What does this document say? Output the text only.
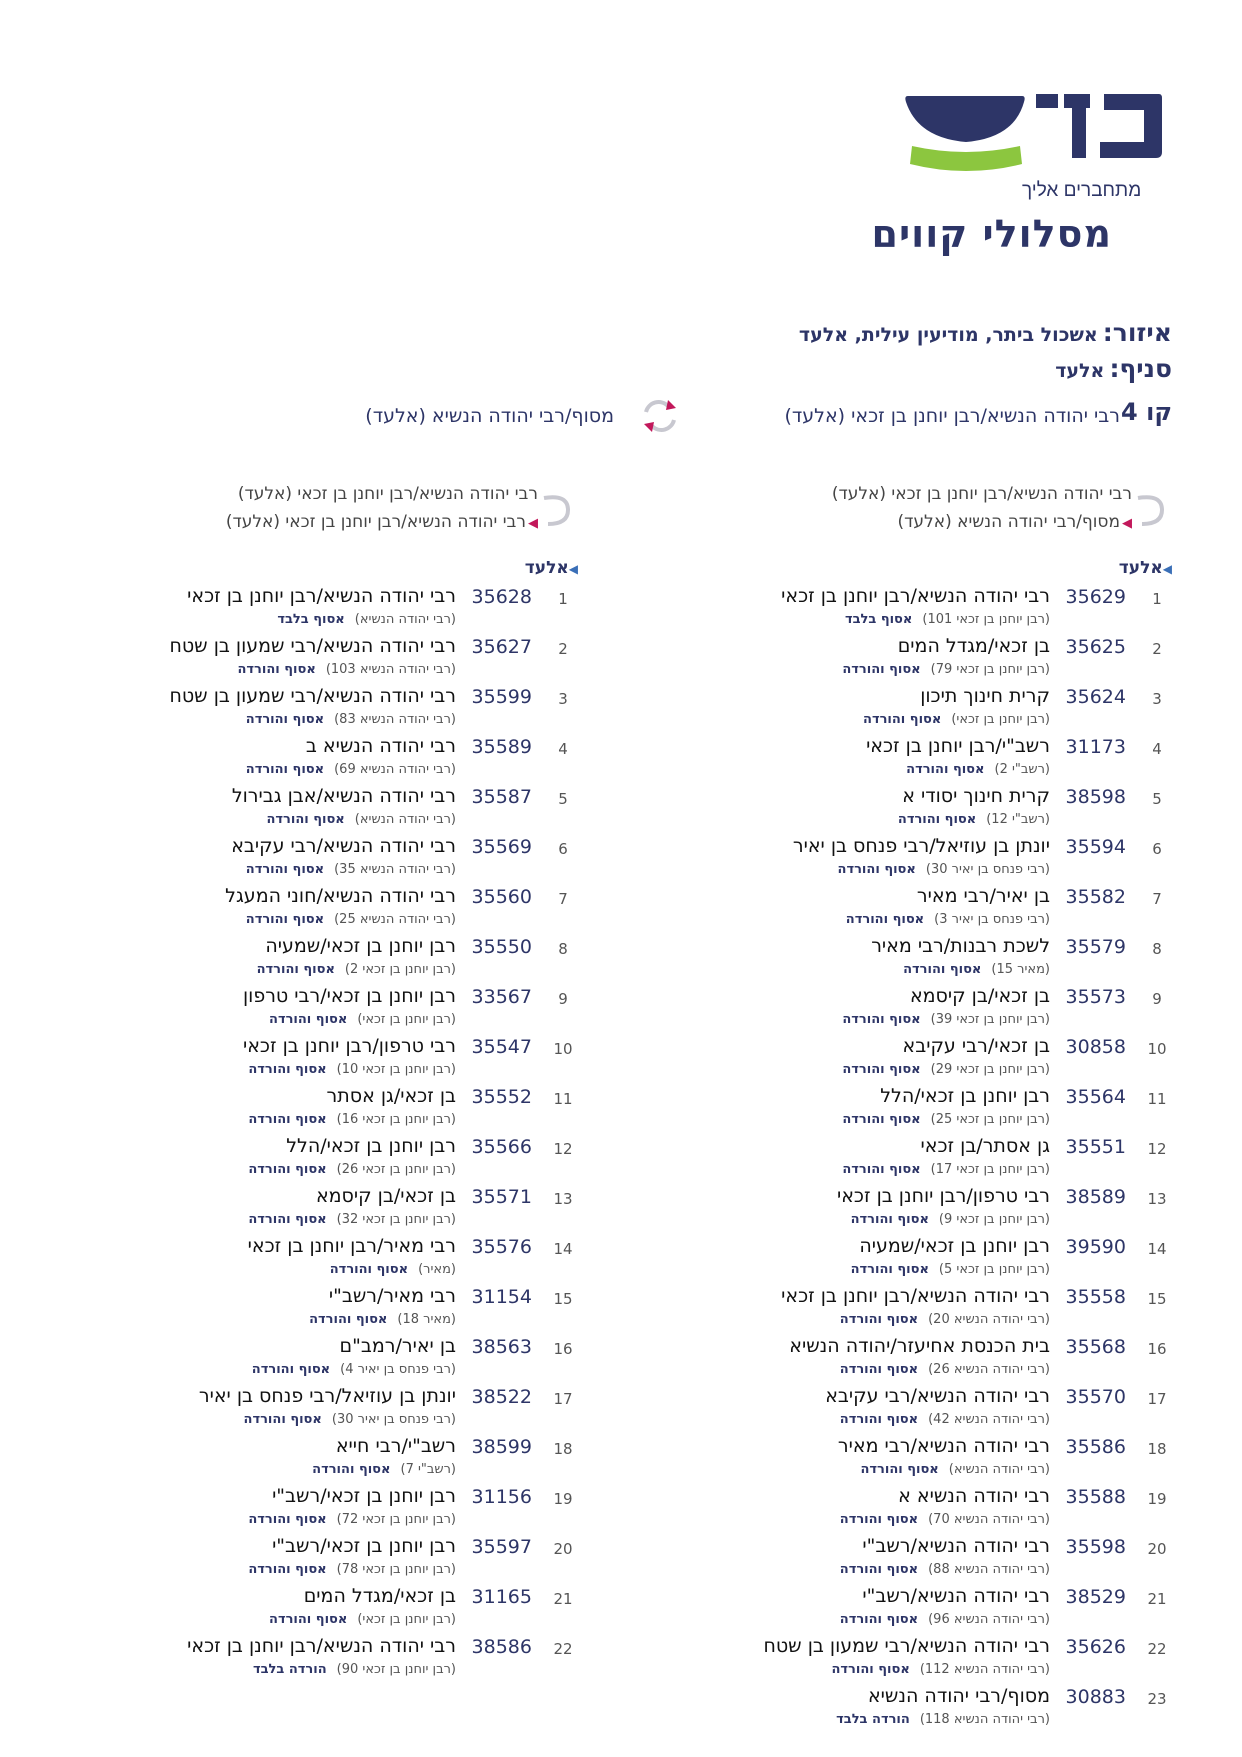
מתחברים אליך
מסלולי קווים
איזור: אשכול ביתר, מודיעין עילית, אלעד
סניף: אלעד
קו 4
רבי יהודה הנשיא/רבן יוחנן בן זכאי (אלעד)
מסוף/רבי יהודה הנשיא (אלעד)
רבי יהודה הנשיא/רבן יוחנן בן זכאי (אלעד)
◀מסוף/רבי יהודה הנשיא (אלעד)
◀אלעד
1
35629
רבי יהודה הנשיא/רבן יוחנן בן זכאי
(רבן יוחנן בן זכאי 101)אסוף בלבד
2
35625
בן זכאי/מגדל המים
(רבן יוחנן בן זכאי 79)אסוף והורדה
3
35624
קרית חינוך תיכון
(רבן יוחנן בן זכאי)אסוף והורדה
4
31173
רשב"י/רבן יוחנן בן זכאי
(רשב"י 2)אסוף והורדה
5
38598
קרית חינוך יסודי א
(רשב"י 12)אסוף והורדה
6
35594
יונתן בן עוזיאל/רבי פנחס בן יאיר
(רבי פנחס בן יאיר 30)אסוף והורדה
7
35582
בן יאיר/רבי מאיר
(רבי פנחס בן יאיר 3)אסוף והורדה
8
35579
לשכת רבנות/רבי מאיר
(מאיר 15)אסוף והורדה
9
35573
בן זכאי/בן קיסמא
(רבן יוחנן בן זכאי 39)אסוף והורדה
10
30858
בן זכאי/רבי עקיבא
(רבן יוחנן בן זכאי 29)אסוף והורדה
11
35564
רבן יוחנן בן זכאי/הלל
(רבן יוחנן בן זכאי 25)אסוף והורדה
12
35551
גן אסתר/בן זכאי
(רבן יוחנן בן זכאי 17)אסוף והורדה
13
38589
רבי טרפון/רבן יוחנן בן זכאי
(רבן יוחנן בן זכאי 9)אסוף והורדה
14
39590
רבן יוחנן בן זכאי/שמעיה
(רבן יוחנן בן זכאי 5)אסוף והורדה
15
35558
רבי יהודה הנשיא/רבן יוחנן בן זכאי
(רבי יהודה הנשיא 20)אסוף והורדה
16
35568
בית הכנסת אחיעזר/יהודה הנשיא
(רבי יהודה הנשיא 26)אסוף והורדה
17
35570
רבי יהודה הנשיא/רבי עקיבא
(רבי יהודה הנשיא 42)אסוף והורדה
18
35586
רבי יהודה הנשיא/רבי מאיר
(רבי יהודה הנשיא)אסוף והורדה
19
35588
רבי יהודה הנשיא א
(רבי יהודה הנשיא 70)אסוף והורדה
20
35598
רבי יהודה הנשיא/רשב"י
(רבי יהודה הנשיא 88)אסוף והורדה
21
38529
רבי יהודה הנשיא/רשב"י
(רבי יהודה הנשיא 96)אסוף והורדה
22
35626
רבי יהודה הנשיא/רבי שמעון בן שטח
(רבי יהודה הנשיא 112)אסוף והורדה
23
30883
מסוף/רבי יהודה הנשיא
(רבי יהודה הנשיא 118)הורדה בלבד
רבי יהודה הנשיא/רבן יוחנן בן זכאי (אלעד)
◀רבי יהודה הנשיא/רבן יוחנן בן זכאי (אלעד)
◀אלעד
1
35628
רבי יהודה הנשיא/רבן יוחנן בן זכאי
(רבי יהודה הנשיא)אסוף בלבד
2
35627
רבי יהודה הנשיא/רבי שמעון בן שטח
(רבי יהודה הנשיא 103)אסוף והורדה
3
35599
רבי יהודה הנשיא/רבי שמעון בן שטח
(רבי יהודה הנשיא 83)אסוף והורדה
4
35589
רבי יהודה הנשיא ב
(רבי יהודה הנשיא 69)אסוף והורדה
5
35587
רבי יהודה הנשיא/אבן גבירול
(רבי יהודה הנשיא)אסוף והורדה
6
35569
רבי יהודה הנשיא/רבי עקיבא
(רבי יהודה הנשיא 35)אסוף והורדה
7
35560
רבי יהודה הנשיא/חוני המעגל
(רבי יהודה הנשיא 25)אסוף והורדה
8
35550
רבן יוחנן בן זכאי/שמעיה
(רבן יוחנן בן זכאי 2)אסוף והורדה
9
33567
רבן יוחנן בן זכאי/רבי טרפון
(רבן יוחנן בן זכאי)אסוף והורדה
10
35547
רבי טרפון/רבן יוחנן בן זכאי
(רבן יוחנן בן זכאי 10)אסוף והורדה
11
35552
בן זכאי/גן אסתר
(רבן יוחנן בן זכאי 16)אסוף והורדה
12
35566
רבן יוחנן בן זכאי/הלל
(רבן יוחנן בן זכאי 26)אסוף והורדה
13
35571
בן זכאי/בן קיסמא
(רבן יוחנן בן זכאי 32)אסוף והורדה
14
35576
רבי מאיר/רבן יוחנן בן זכאי
(מאיר)אסוף והורדה
15
31154
רבי מאיר/רשב"י
(מאיר 18)אסוף והורדה
16
38563
בן יאיר/רמב"ם
(רבי פנחס בן יאיר 4)אסוף והורדה
17
38522
יונתן בן עוזיאל/רבי פנחס בן יאיר
(רבי פנחס בן יאיר 30)אסוף והורדה
18
38599
רשב"י/רבי חייא
(רשב"י 7)אסוף והורדה
19
31156
רבן יוחנן בן זכאי/רשב"י
(רבן יוחנן בן זכאי 72)אסוף והורדה
20
35597
רבן יוחנן בן זכאי/רשב"י
(רבן יוחנן בן זכאי 78)אסוף והורדה
21
31165
בן זכאי/מגדל המים
(רבן יוחנן בן זכאי)אסוף והורדה
22
38586
רבי יהודה הנשיא/רבן יוחנן בן זכאי
(רבן יוחנן בן זכאי 90)הורדה בלבד
